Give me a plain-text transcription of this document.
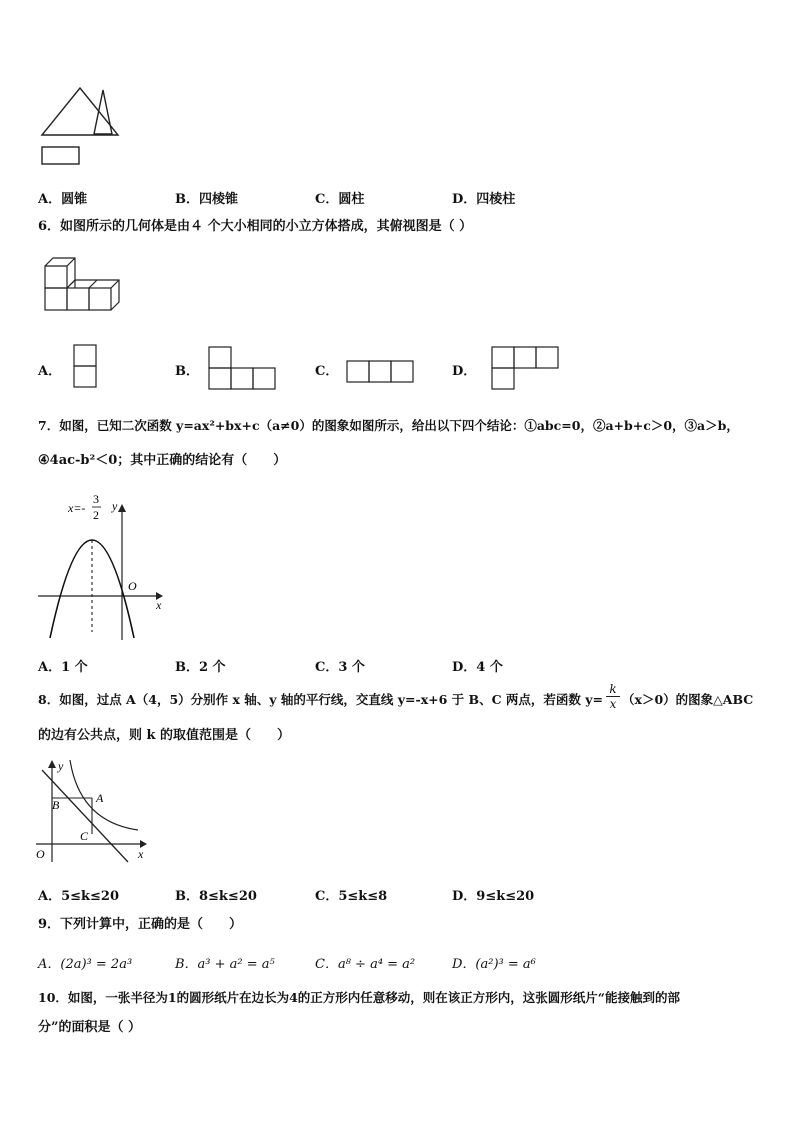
A．圆锥	B．四棱锥	C．圆柱	D．四棱柱
6．如图所示的几何体是由４ 个大小相同的小立方体搭成，其俯视图是（ ）
A．	B．	C．	D．
7．如图，已知二次函数 y=ax²+bx+c（a≠0）的图象如图所示，给出以下四个结论：①abc=0，②a+b+c＞0，③a＞b，
④4ac-b²＜0；其中正确的结论有（　　）
x=-
3
2
y
x
O
A．1 个	B．2 个	C．3 个	D．4 个
8．如图，过点 A（4，5）分别作 x 轴、y 轴的平行线，交直线 y=-x+6 于 B、C 两点，若函数 $y= \frac{k}{x} (x>0)$的图象△ABC
的边有公共点，则 k 的取值范围是（　　）
y
x
O
A
B
C
A．5≤k≤20	B．8≤k≤20	C．5≤k≤8	D．9≤k≤20
9．下列计算中，正确的是（　　）
A．(2a)³ = 2a³	B．a³ + a² = a⁵	C．a⁸ ÷ a⁴ = a²	D．(a²)³ = a⁶
10．如图，一张半径为1的圆形纸片在边长为4的正方形内任意移动，则在该正方形内，这张圆形纸片“能接触到的部
分”的面积是（ ）
